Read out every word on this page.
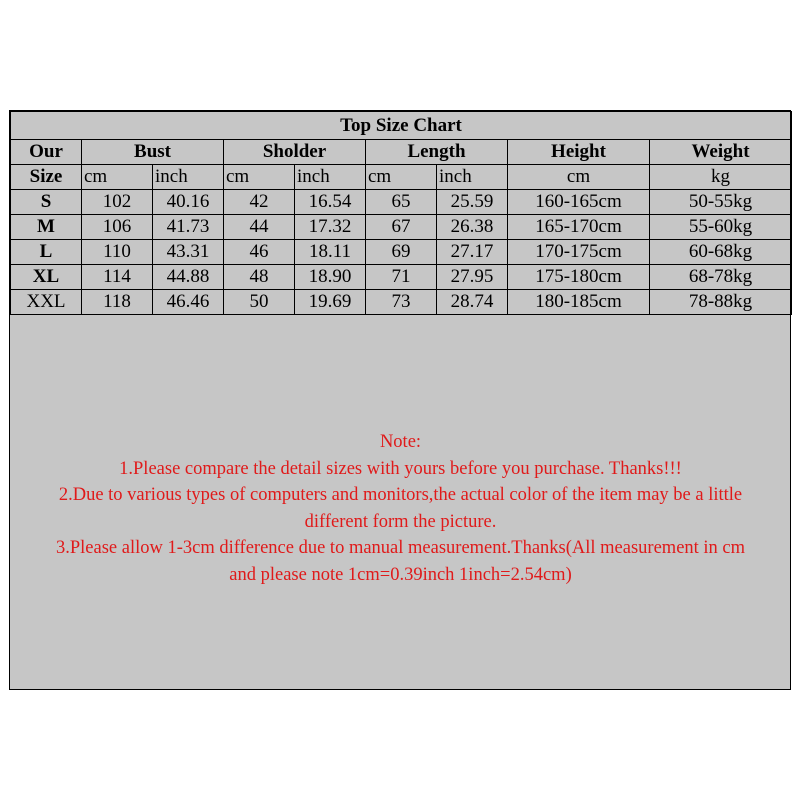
Top Size Chart								
Our	Bust		Sholder		Length		Height	Weight
Size	cm	inch	cm	inch	cm	inch	cm	kg
S	102	40.16	42	16.54	65	25.59	160-165cm	50-55kg
M	106	41.73	44	17.32	67	26.38	165-170cm	55-60kg
L	110	43.31	46	18.11	69	27.17	170-175cm	60-68kg
XL	114	44.88	48	18.90	71	27.95	175-180cm	68-78kg
XXL	118	46.46	50	19.69	73	28.74	180-185cm	78-88kg
Note:
1.Please compare the detail sizes with yours before you purchase. Thanks!!!
2.Due to various types of computers and monitors,the actual color of the item may be a little
different form the picture.
3.Please allow 1-3cm difference due to manual measurement.Thanks(All measurement in cm
and please note 1cm=0.39inch 1inch=2.54cm)
